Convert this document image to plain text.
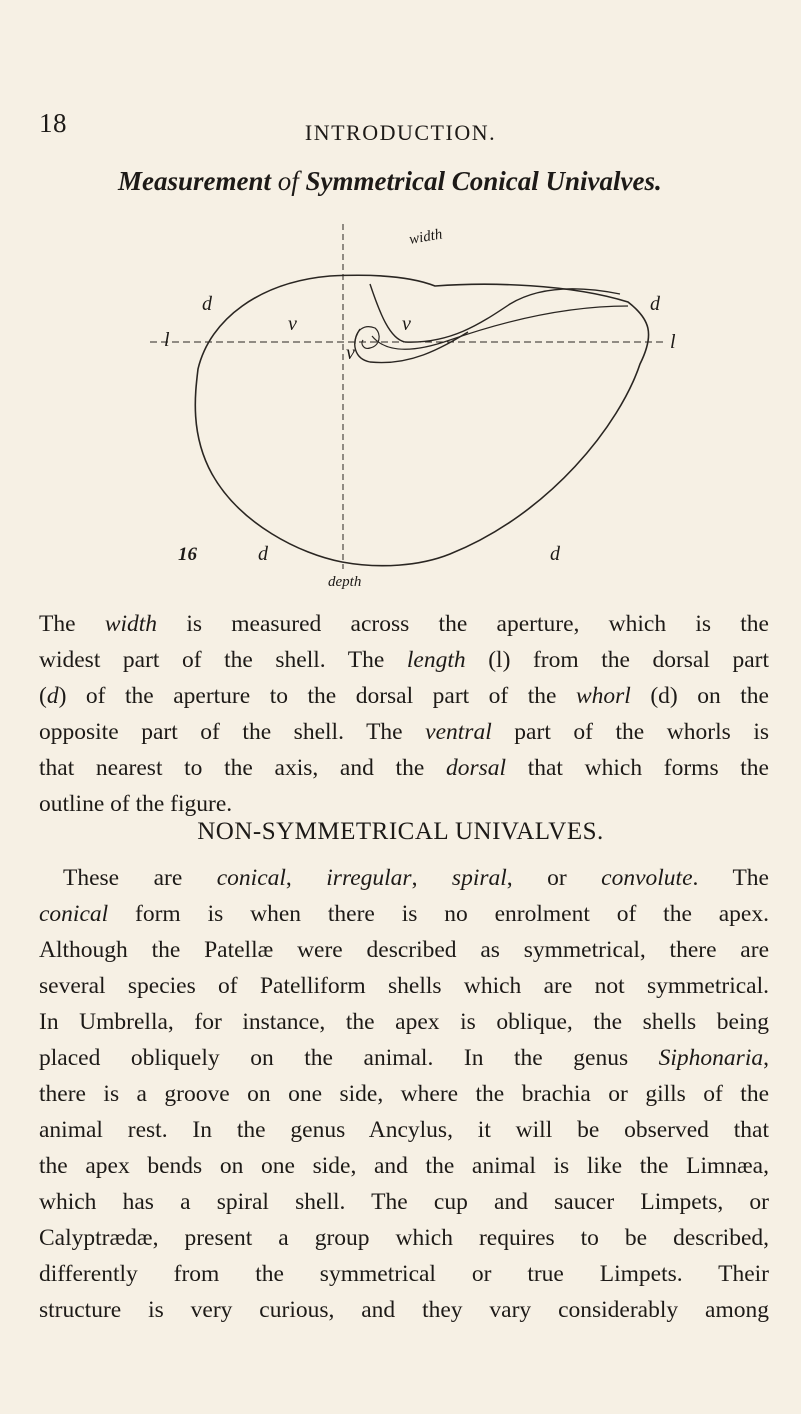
18	INTRODUCTION.
Measurement of Symmetrical Conical Univalves.
d	d
l	l
v	v
v
width
depth
16	d	d
The width is measured across the aperture, which is the
widest part of the shell. The length (l) from the dorsal part
(d) of the aperture to the dorsal part of the whorl (d) on the
opposite part of the shell. The ventral part of the whorls is
that nearest to the axis, and the dorsal that which forms the
outline of the figure.
NON-SYMMETRICAL UNIVALVES.
These are conical, irregular, spiral, or convolute. The
conical form is when there is no enrolment of the apex.
Although the Patellæ were described as symmetrical, there are
several species of Patelliform shells which are not symmetrical.
In Umbrella, for instance, the apex is oblique, the shells being
placed obliquely on the animal. In the genus Siphonaria,
there is a groove on one side, where the brachia or gills of the
animal rest. In the genus Ancylus, it will be observed that
the apex bends on one side, and the animal is like the Limnæa,
which has a spiral shell. The cup and saucer Limpets, or
Calyptrædæ, present a group which requires to be described,
differently from the symmetrical or true Limpets. Their
structure is very curious, and they vary considerably among
